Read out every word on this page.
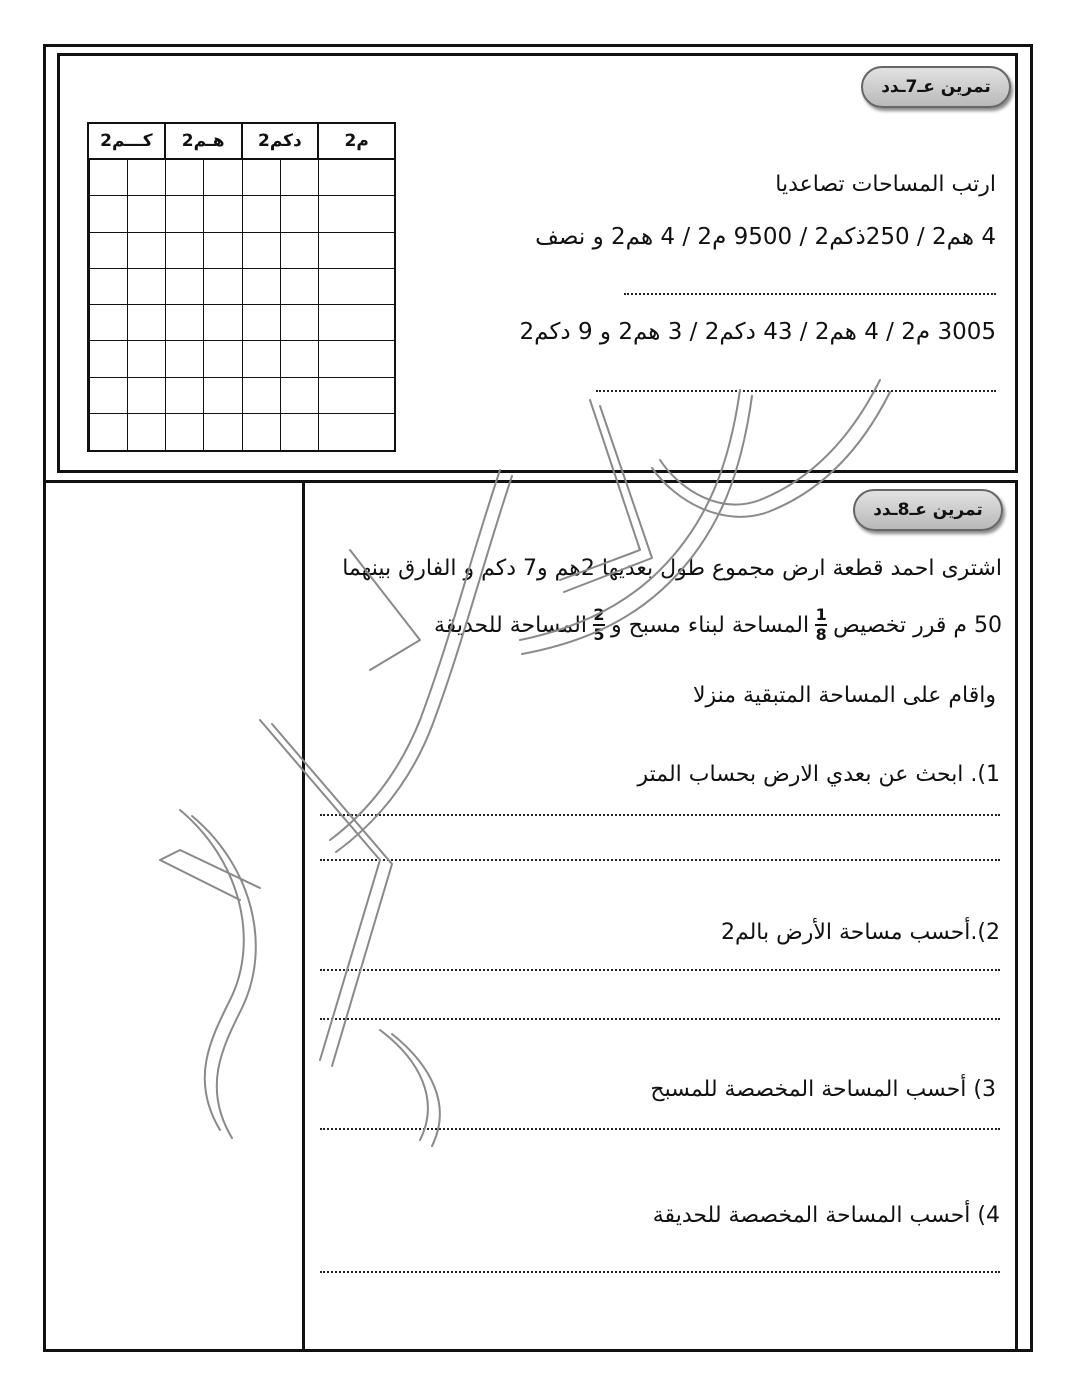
تمرين عـ7ـدد
ارتب المساحات تصاعديا
4 هم2 / 250ذكم2 / 9500 م2 / 4 هم2 و نصف
3005 م2 / 4 هم2 / 43 دكم2 / 3 هم2 و 9 دكم2
م2
دكم2
هـم2
كـــم2
تمرين عـ8ـدد
اشترى احمد قطعة ارض مجموع طول بعديها 2هم و7 دكم و الفارق بينهما
50 م قرر تخصيص
$\frac{1}{8}$
المساحة لبناء مسبح و
$\frac{2}{5}$
المساحة للحديقة
واقام على المساحة المتبقية منزلا
1). ابحث عن بعدي الارض بحساب المتر
2).أحسب مساحة الأرض بالم2
3) أحسب المساحة المخصصة للمسبح
4) أحسب المساحة المخصصة للحديقة
